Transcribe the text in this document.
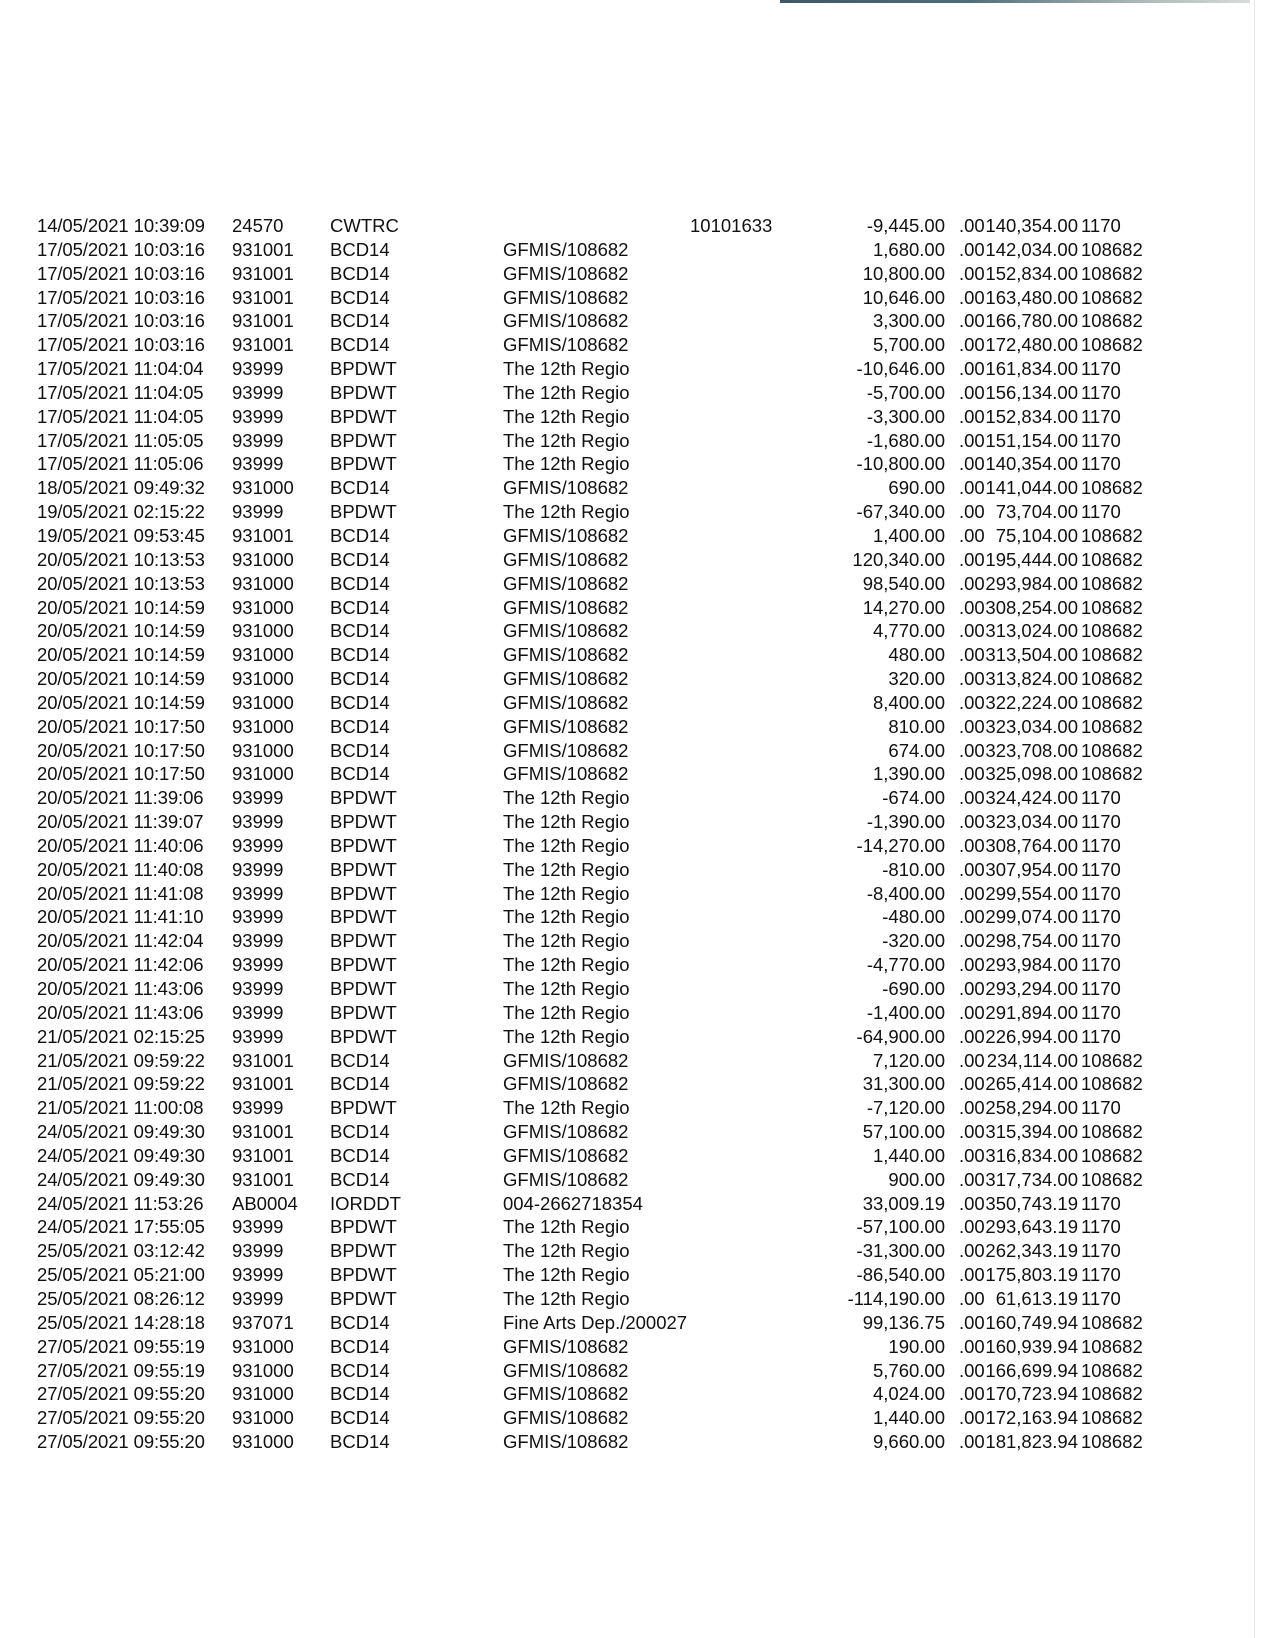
14/05/2021 10:39:09 24570	CWTRC	10101633	-9,445.00 .00 140,354.00 1170
17/05/2021 10:03:16 931001 BCD14	GFMIS/108682	1,680.00 .00 142,034.00 108682
17/05/2021 10:03:16 931001 BCD14	GFMIS/108682	10,800.00 .00 152,834.00 108682
17/05/2021 10:03:16 931001 BCD14	GFMIS/108682	10,646.00 .00 163,480.00 108682
17/05/2021 10:03:16 931001 BCD14	GFMIS/108682	3,300.00 .00 166,780.00 108682
17/05/2021 10:03:16 931001 BCD14	GFMIS/108682	5,700.00 .00 172,480.00 108682
17/05/2021 11:04:04 93999	BPDWT	The 12th Regio	-10,646.00 .00 161,834.00 1170
17/05/2021 11:04:05 93999	BPDWT	The 12th Regio	-5,700.00 .00 156,134.00 1170
17/05/2021 11:04:05 93999	BPDWT	The 12th Regio	-3,300.00 .00 152,834.00 1170
17/05/2021 11:05:05 93999	BPDWT	The 12th Regio	-1,680.00 .00 151,154.00 1170
17/05/2021 11:05:06 93999	BPDWT	The 12th Regio	-10,800.00 .00 140,354.00 1170
18/05/2021 09:49:32 931000 BCD14	GFMIS/108682	690.00 .00 141,044.00 108682
19/05/2021 02:15:22 93999	BPDWT	The 12th Regio	-67,340.00 .00 73,704.00 1170
19/05/2021 09:53:45 931001 BCD14	GFMIS/108682	1,400.00 .00 75,104.00 108682
20/05/2021 10:13:53 931000 BCD14	GFMIS/108682	120,340.00 .00 195,444.00 108682
20/05/2021 10:13:53 931000 BCD14	GFMIS/108682	98,540.00 .00 293,984.00 108682
20/05/2021 10:14:59 931000 BCD14	GFMIS/108682	14,270.00 .00 308,254.00 108682
20/05/2021 10:14:59 931000 BCD14	GFMIS/108682	4,770.00 .00 313,024.00 108682
20/05/2021 10:14:59 931000 BCD14	GFMIS/108682	480.00 .00 313,504.00 108682
20/05/2021 10:14:59 931000 BCD14	GFMIS/108682	320.00 .00 313,824.00 108682
20/05/2021 10:14:59 931000 BCD14	GFMIS/108682	8,400.00 .00 322,224.00 108682
20/05/2021 10:17:50 931000 BCD14	GFMIS/108682	810.00 .00 323,034.00 108682
20/05/2021 10:17:50 931000 BCD14	GFMIS/108682	674.00 .00 323,708.00 108682
20/05/2021 10:17:50 931000 BCD14	GFMIS/108682	1,390.00 .00 325,098.00 108682
20/05/2021 11:39:06 93999	BPDWT	The 12th Regio	-674.00 .00 324,424.00 1170
20/05/2021 11:39:07 93999	BPDWT	The 12th Regio	-1,390.00 .00 323,034.00 1170
20/05/2021 11:40:06 93999	BPDWT	The 12th Regio	-14,270.00 .00 308,764.00 1170
20/05/2021 11:40:08 93999	BPDWT	The 12th Regio	-810.00 .00 307,954.00 1170
20/05/2021 11:41:08 93999	BPDWT	The 12th Regio	-8,400.00 .00 299,554.00 1170
20/05/2021 11:41:10 93999	BPDWT	The 12th Regio	-480.00 .00 299,074.00 1170
20/05/2021 11:42:04 93999	BPDWT	The 12th Regio	-320.00 .00 298,754.00 1170
20/05/2021 11:42:06 93999	BPDWT	The 12th Regio	-4,770.00 .00 293,984.00 1170
20/05/2021 11:43:06 93999	BPDWT	The 12th Regio	-690.00 .00 293,294.00 1170
20/05/2021 11:43:06 93999	BPDWT	The 12th Regio	-1,400.00 .00 291,894.00 1170
21/05/2021 02:15:25 93999	BPDWT	The 12th Regio	-64,900.00 .00 226,994.00 1170
21/05/2021 09:59:22 931001 BCD14	GFMIS/108682	7,120.00 .00 234,114.00 108682
21/05/2021 09:59:22 931001 BCD14	GFMIS/108682	31,300.00 .00 265,414.00 108682
21/05/2021 11:00:08 93999	BPDWT	The 12th Regio	-7,120.00 .00 258,294.00 1170
24/05/2021 09:49:30 931001 BCD14	GFMIS/108682	57,100.00 .00 315,394.00 108682
24/05/2021 09:49:30 931001 BCD14	GFMIS/108682	1,440.00 .00 316,834.00 108682
24/05/2021 09:49:30 931001 BCD14	GFMIS/108682	900.00 .00 317,734.00 108682
24/05/2021 11:53:26 AB0004 IORDDT	004-2662718354	33,009.19 .00 350,743.19 1170
24/05/2021 17:55:05 93999	BPDWT	The 12th Regio	-57,100.00 .00 293,643.19 1170
25/05/2021 03:12:42 93999	BPDWT	The 12th Regio	-31,300.00 .00 262,343.19 1170
25/05/2021 05:21:00 93999	BPDWT	The 12th Regio	-86,540.00 .00 175,803.19 1170
25/05/2021 08:26:12 93999	BPDWT	The 12th Regio	-114,190.00 .00 61,613.19 1170
25/05/2021 14:28:18 937071 BCD14	Fine Arts Dep./200027	99,136.75 .00 160,749.94 108682
27/05/2021 09:55:19 931000 BCD14	GFMIS/108682	190.00 .00 160,939.94 108682
27/05/2021 09:55:19 931000 BCD14	GFMIS/108682	5,760.00 .00 166,699.94 108682
27/05/2021 09:55:20 931000 BCD14	GFMIS/108682	4,024.00 .00 170,723.94 108682
27/05/2021 09:55:20 931000 BCD14	GFMIS/108682	1,440.00 .00 172,163.94 108682
27/05/2021 09:55:20 931000 BCD14	GFMIS/108682	9,660.00 .00 181,823.94 108682
